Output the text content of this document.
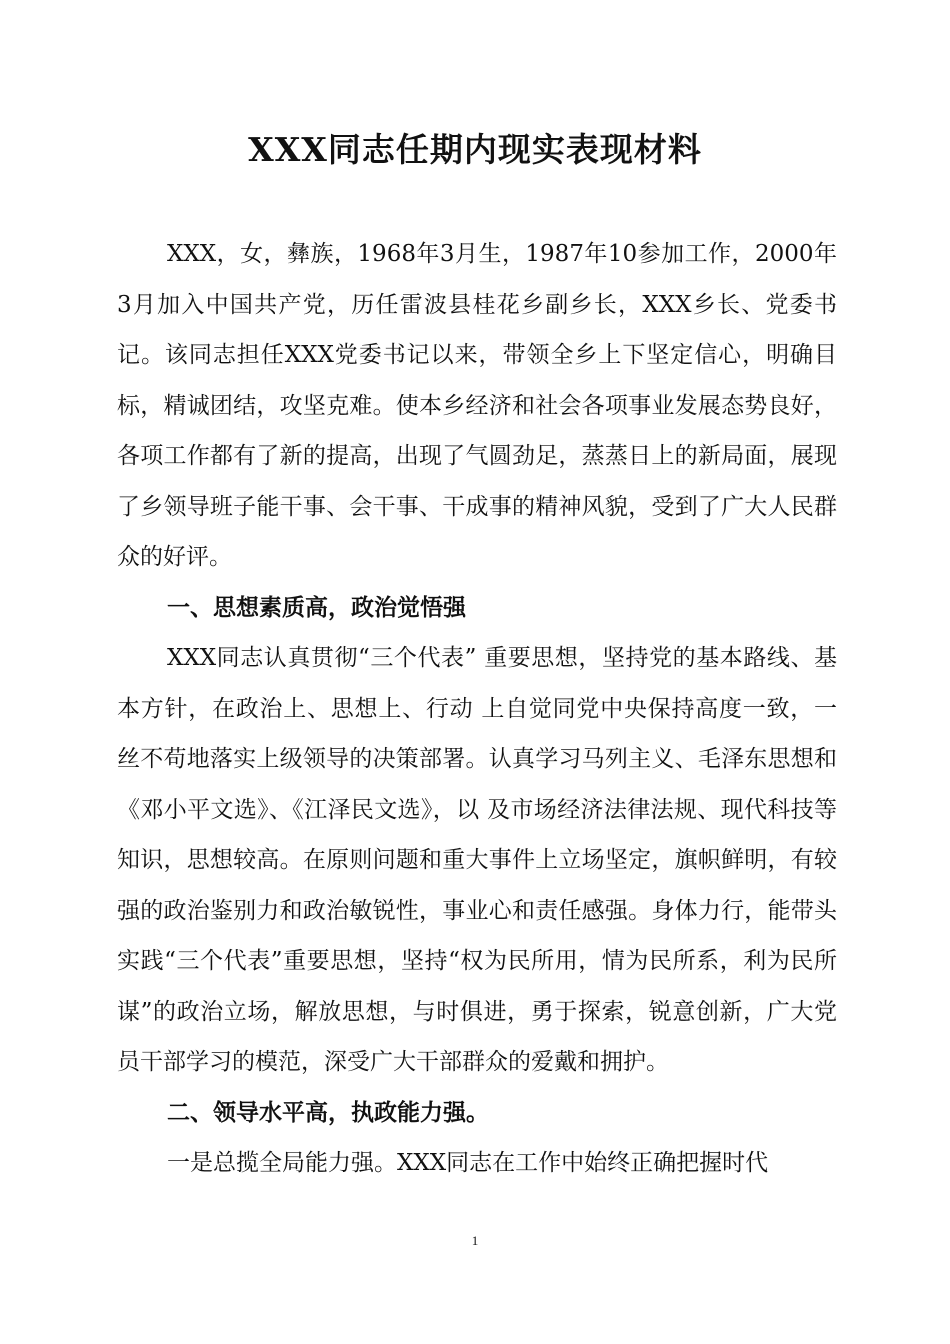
XXX同志任期内现实表现材料

XXX，女，彝族，1968年3月生，1987年10参加工作，2000年3月加入中国共产党，历任雷波县桂花乡副乡长，XXX乡长、党委书记。该同志担任XXX党委书记以来，带领全乡上下坚定信心，明确目标，精诚团结，攻坚克难。使本乡经济和社会各项事业发展态势良好，各项工作都有了新的提高，出现了气圆劲足，蒸蒸日上的新局面，展现了乡领导班子能干事、会干事、干成事的精神风貌，受到了广大人民群众的好评。

一、思想素质高，政治觉悟强

XXX同志认真贯彻“三个代表” 重要思想，坚持党的基本路线、基本方针，在政治上、思想上、行动 上自觉同党中央保持高度一致，一丝不苟地落实上级领导的决策部署。认真学习马列主义、毛泽东思想和《邓小平文选》、《江泽民文选》，以 及市场经济法律法规、现代科技等知识，思想较高。在原则问题和重大事件上立场坚定，旗帜鲜明，有较强的政治鉴别力和政治敏锐性，事业心和责任感强。身体力行，能带头实践“三个代表”重要思想，坚持“权为民所用，情为民所系，利为民所谋”的政治立场，解放思想，与时俱进，勇于探索，锐意创新，广大党员干部学习的模范，深受广大干部群众的爱戴和拥护。

二、领导水平高，执政能力强。

一是总揽全局能力强。XXX同志在工作中始终正确把握时代

1
